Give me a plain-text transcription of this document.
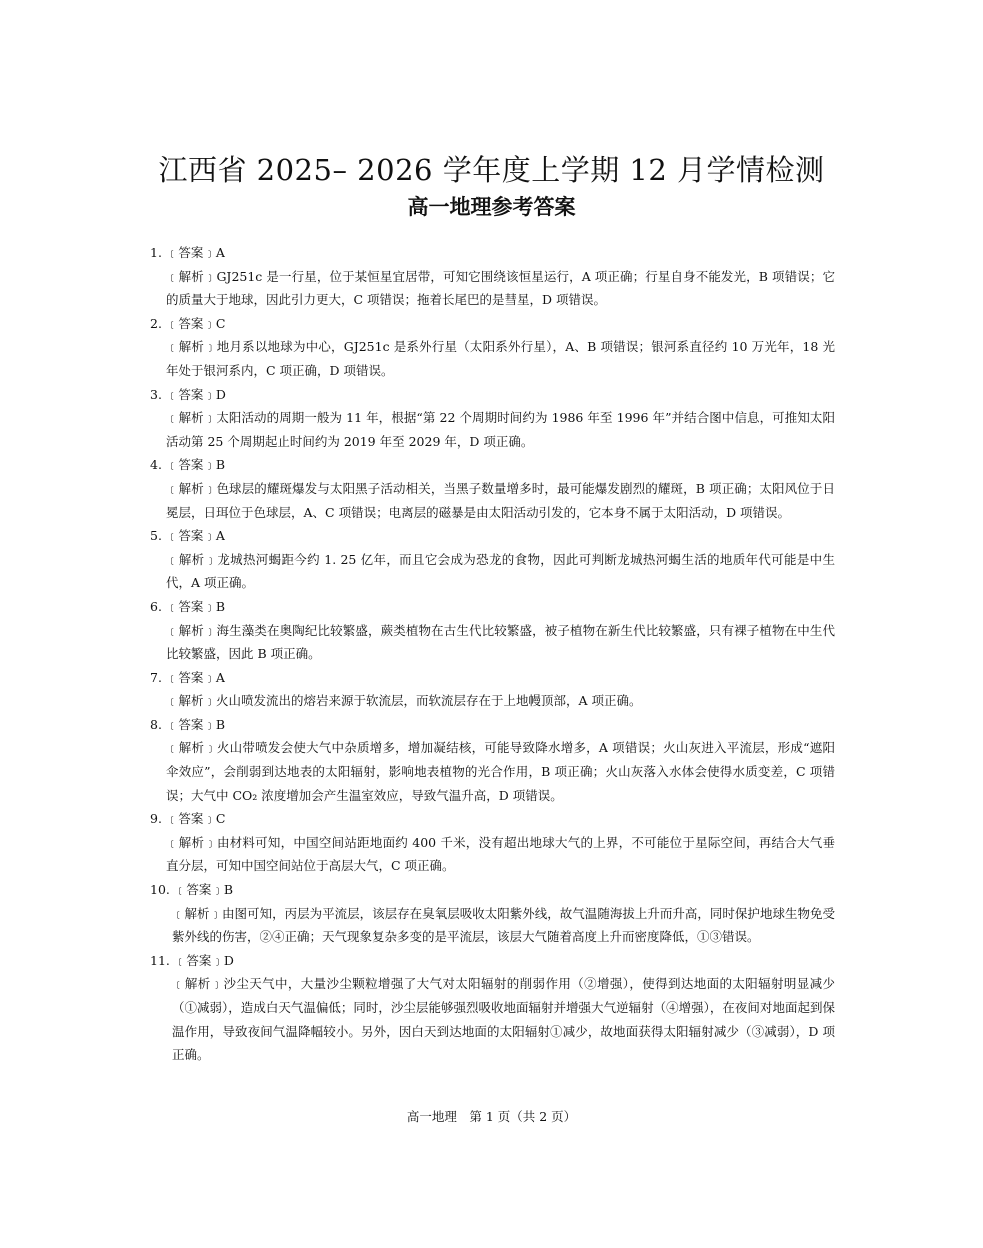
江西省 2025– 2026 学年度上学期 12 月学情检测
高一地理参考答案

1. ﹝答案﹞A

﹝解析﹞GJ251c 是一行星，位于某恒星宜居带，可知它围绕该恒星运行，A 项正确；行星自身不能发光，B 项错误；它的质量大于地球，因此引力更大，C 项错误；拖着长尾巴的是彗星，D 项错误。

2. ﹝答案﹞C

﹝解析﹞地月系以地球为中心，GJ251c 是系外行星（太阳系外行星），A、B 项错误；银河系直径约 10 万光年，18 光年处于银河系内，C 项正确，D 项错误。

3. ﹝答案﹞D

﹝解析﹞太阳活动的周期一般为 11 年，根据“第 22 个周期时间约为 1986 年至 1996 年”并结合图中信息，可推知太阳活动第 25 个周期起止时间约为 2019 年至 2029 年，D 项正确。

4. ﹝答案﹞B

﹝解析﹞色球层的耀斑爆发与太阳黑子活动相关，当黑子数量增多时，最可能爆发剧烈的耀斑，B 项正确；太阳风位于日冕层，日珥位于色球层，A、C 项错误；电离层的磁暴是由太阳活动引发的，它本身不属于太阳活动，D 项错误。

5. ﹝答案﹞A

﹝解析﹞龙城热河蝎距今约 1. 25 亿年，而且它会成为恐龙的食物，因此可判断龙城热河蝎生活的地质年代可能是中生代，A 项正确。

6. ﹝答案﹞B

﹝解析﹞海生藻类在奥陶纪比较繁盛，蕨类植物在古生代比较繁盛，被子植物在新生代比较繁盛，只有裸子植物在中生代比较繁盛，因此 B 项正确。

7. ﹝答案﹞A

﹝解析﹞火山喷发流出的熔岩来源于软流层，而软流层存在于上地幔顶部，A 项正确。

8. ﹝答案﹞B

﹝解析﹞火山带喷发会使大气中杂质增多，增加凝结核，可能导致降水增多，A 项错误；火山灰进入平流层，形成“遮阳伞效应”，会削弱到达地表的太阳辐射，影响地表植物的光合作用，B 项正确；火山灰落入水体会使得水质变差，C 项错误；大气中 CO₂ 浓度增加会产生温室效应，导致气温升高，D 项错误。

9. ﹝答案﹞C

﹝解析﹞由材料可知，中国空间站距地面约 400 千米，没有超出地球大气的上界，不可能位于星际空间，再结合大气垂直分层，可知中国空间站位于高层大气，C 项正确。

10. ﹝答案﹞B

﹝解析﹞由图可知，丙层为平流层，该层存在臭氧层吸收太阳紫外线，故气温随海拔上升而升高，同时保护地球生物免受紫外线的伤害，②④正确；天气现象复杂多变的是平流层，该层大气随着高度上升而密度降低，①③错误。

11. ﹝答案﹞D

﹝解析﹞沙尘天气中，大量沙尘颗粒增强了大气对太阳辐射的削弱作用（②增强），使得到达地面的太阳辐射明显减少（①减弱），造成白天气温偏低；同时，沙尘层能够强烈吸收地面辐射并增强大气逆辐射（④增强），在夜间对地面起到保温作用，导致夜间气温降幅较小。另外，因白天到达地面的太阳辐射①减少，故地面获得太阳辐射减少（③减弱），D 项正确。

高一地理　第 1 页（共 2 页）
